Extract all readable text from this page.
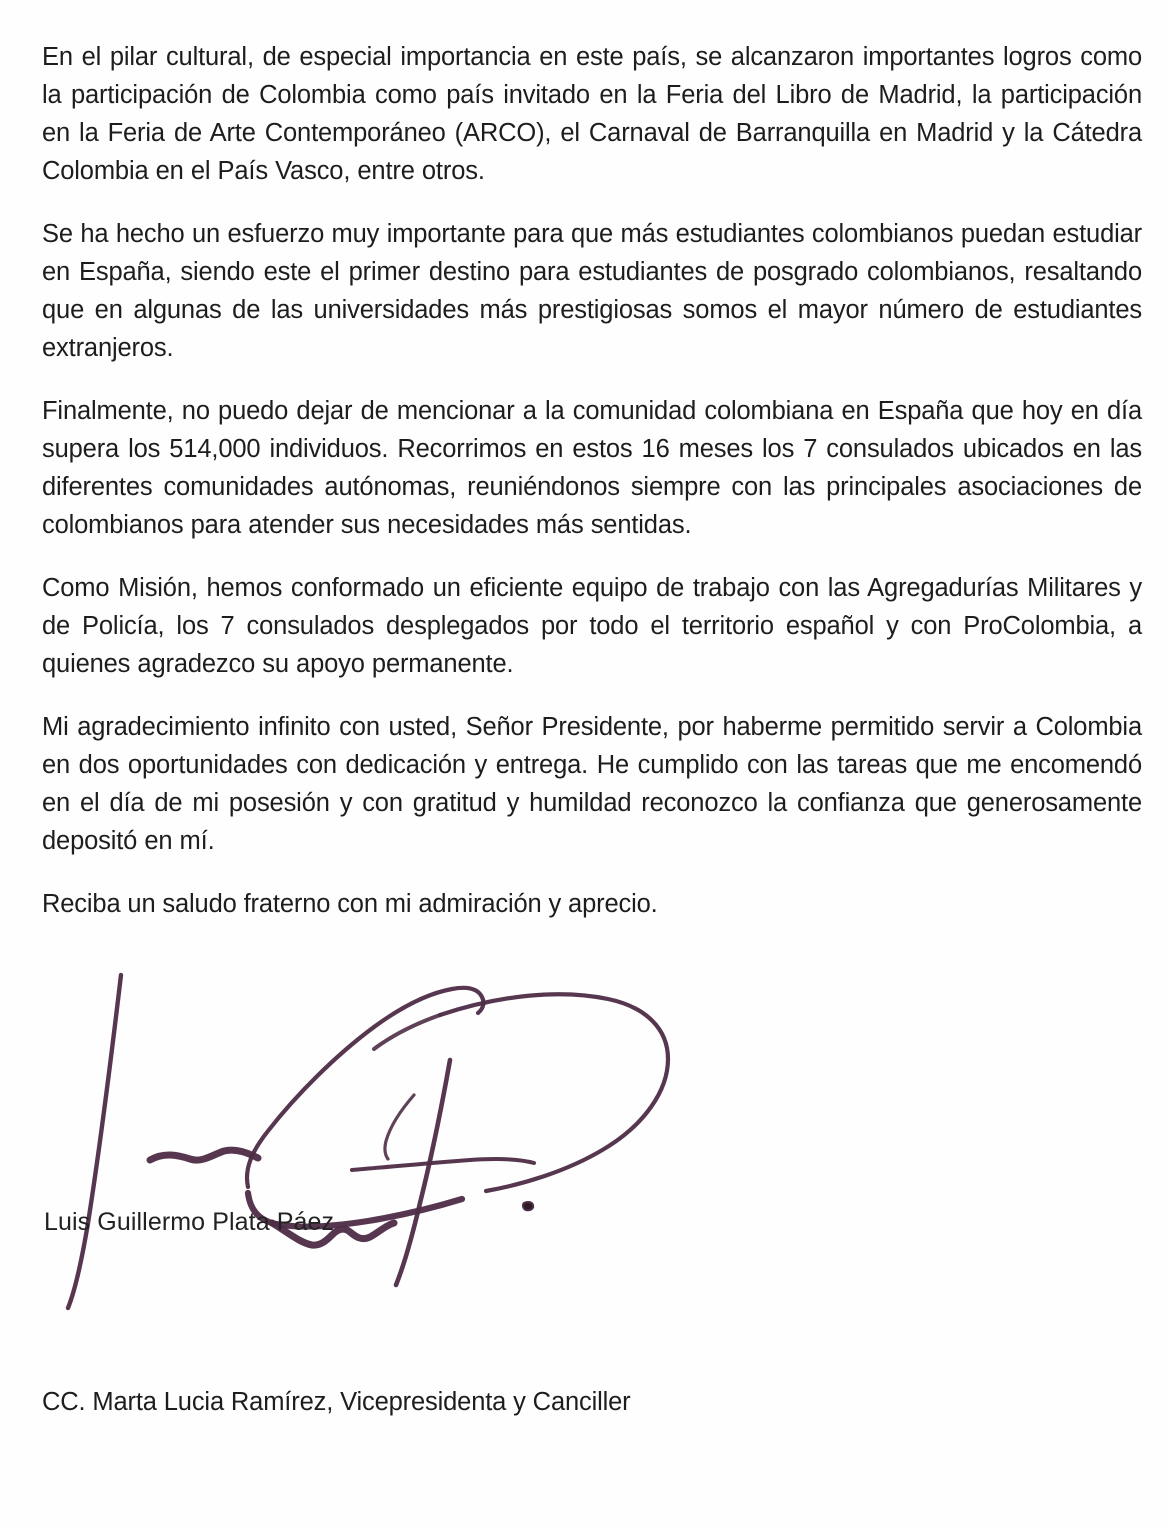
En el pilar cultural, de especial importancia en este país, se alcanzaron importantes logros como la participación de Colombia como país invitado en la Feria del Libro de Madrid, la participación en la Feria de Arte Contemporáneo (ARCO), el Carnaval de Barranquilla en Madrid y la Cátedra Colombia en el País Vasco, entre otros.

Se ha hecho un esfuerzo muy importante para que más estudiantes colombianos puedan estudiar en España, siendo este el primer destino para estudiantes de posgrado colombianos, resaltando que en algunas de las universidades más prestigiosas somos el mayor número de estudiantes extranjeros.

Finalmente, no puedo dejar de mencionar a la comunidad colombiana en España que hoy en día supera los 514,000 individuos. Recorrimos en estos 16 meses los 7 consulados ubicados en las diferentes comunidades autónomas, reuniéndonos siempre con las principales asociaciones de colombianos para atender sus necesidades más sentidas.

Como Misión, hemos conformado un eficiente equipo de trabajo con las Agregadurías Militares y de Policía, los 7 consulados desplegados por todo el territorio español y con ProColombia, a quienes agradezco su apoyo permanente.

Mi agradecimiento infinito con usted, Señor Presidente, por haberme permitido servir a Colombia en dos oportunidades con dedicación y entrega. He cumplido con las tareas que me encomendó en el día de mi posesión y con gratitud y humildad reconozco la confianza que generosamente depositó en mí.

Reciba un saludo fraterno con mi admiración y aprecio.

Luis Guillermo Plata Páez
CC. Marta Lucia Ramírez, Vicepresidenta y Canciller
